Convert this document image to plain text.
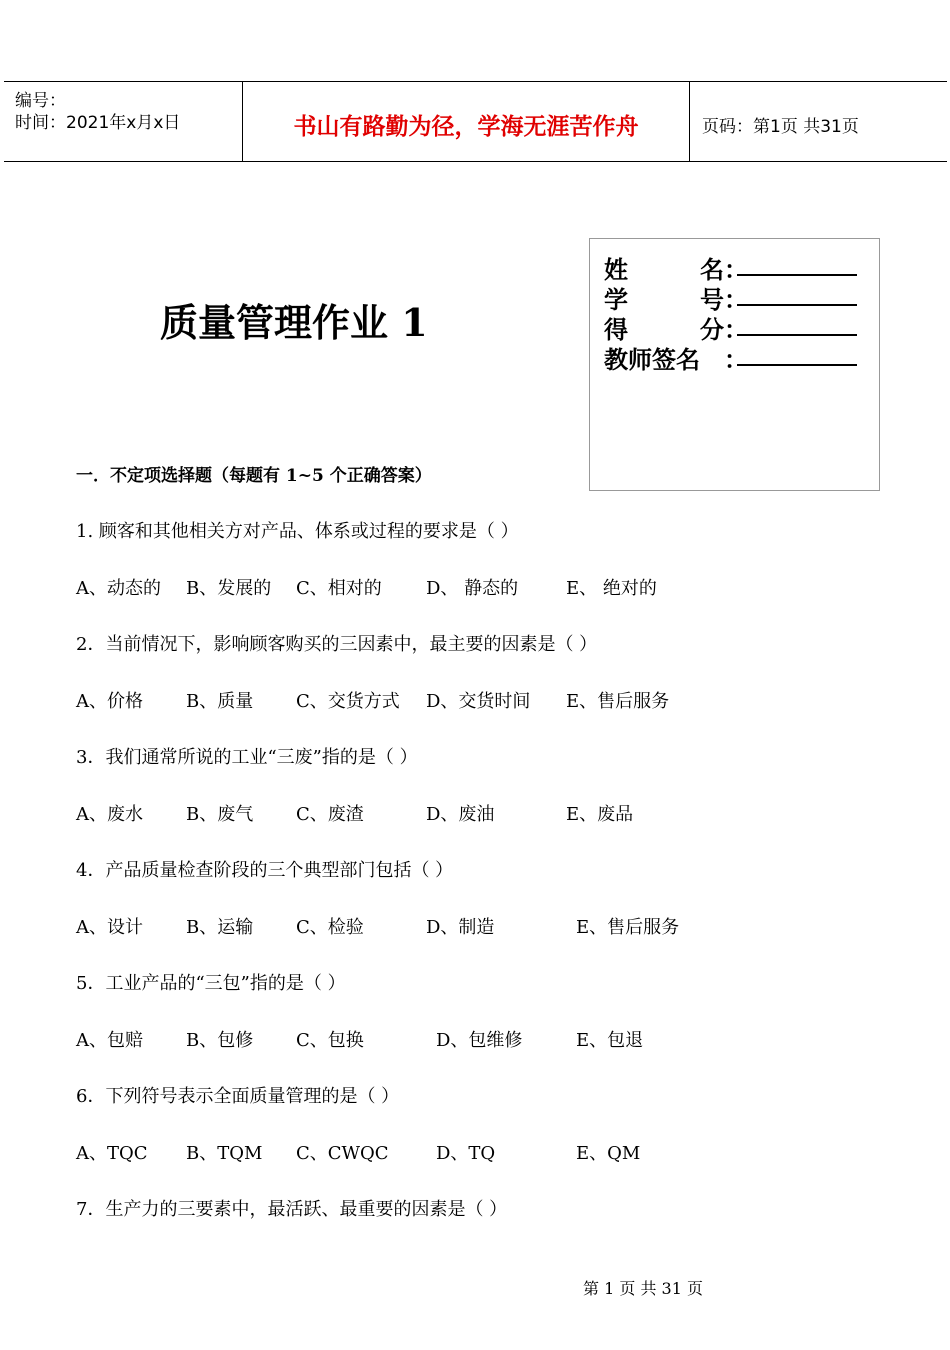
编号：
时间：2021年x月x日	书山有路勤为径，学海无涯苦作舟	页码：第1页 共31页
质量管理作业 1
姓	名 ：
学	号 ：
得	分 ：
教师签名	：
一．不定项选择题（每题有 1~5 个正确答案）
1. 顾客和其他相关方对产品、体系或过程的要求是（ ）
A、动态的 B、发展的 C、相对的 D、 静态的	E、 绝对的
2．当前情况下，影响顾客购买的三因素中，最主要的因素是（ ）
A、价格 B、质量 C、交货方式 D、交货时间 E、售后服务
3．我们通常所说的工业“三废”指的是（ ）
A、废水 B、废气 C、废渣	D、废油	E、废品
4．产品质量检查阶段的三个典型部门包括（ ）
A、设计 B、运输 C、检验	D、制造	E、售后服务
5．工业产品的“三包”指的是（ ）
A、包赔 B、包修 C、包换	D、包维修	E、包退
6．下列符号表示全面质量管理的是（ ）
A、TQC B、TQM C、CWQC	D、TQ	E、QM
7．生产力的三要素中，最活跃、最重要的因素是（ ）
第 1 页 共 31 页
